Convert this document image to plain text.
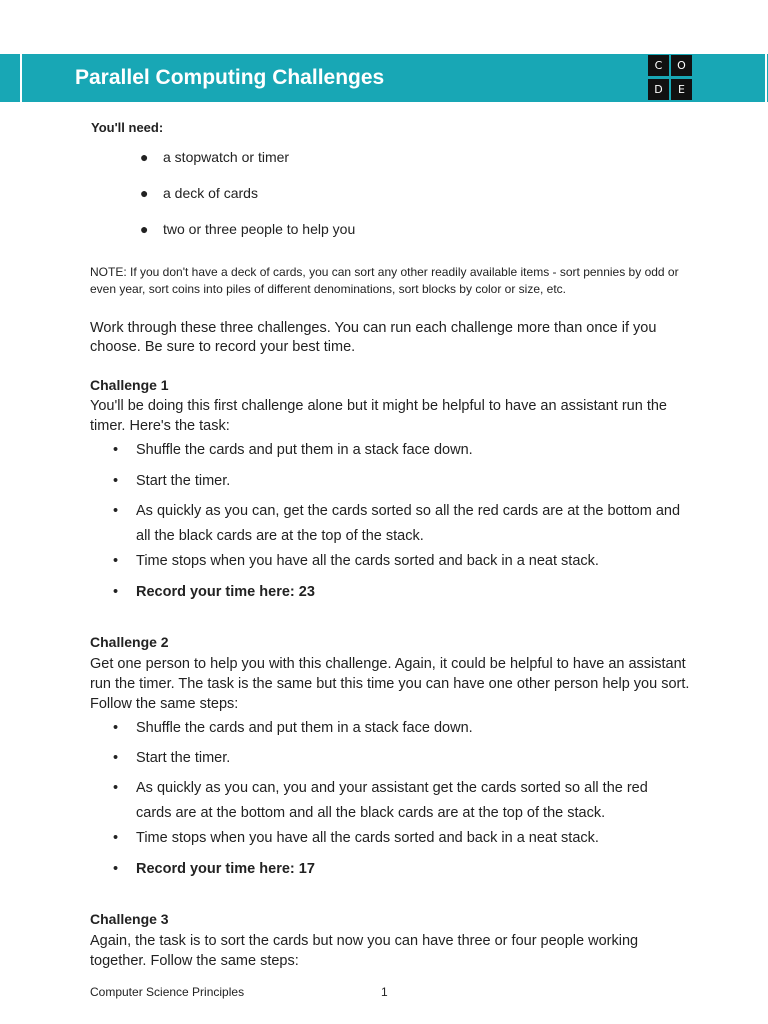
Parallel Computing Challenges
C	O
D	E
You'll need:
● a stopwatch or timer
● a deck of cards
● two or three people to help you
NOTE: If you don't have a deck of cards, you can sort any other readily available items - sort pennies by odd or even year, sort coins into piles of different denominations, sort blocks by color or size, etc.
Work through these three challenges. You can run each challenge more than once if you choose. Be sure to record your best time.
Challenge 1
You'll be doing this first challenge alone but it might be helpful to have an assistant run the timer. Here's the task:
• Shuffle the cards and put them in a stack face down.
• Start the timer.
• As quickly as you can, get the cards sorted so all the red cards are at the bottom and all the black cards are at the top of the stack.
• Time stops when you have all the cards sorted and back in a neat stack.
• Record your time here: 23
Challenge 2
Get one person to help you with this challenge. Again, it could be helpful to have an assistant run the timer. The task is the same but this time you can have one other person help you sort. Follow the same steps:
• Shuffle the cards and put them in a stack face down.
• Start the timer.
• As quickly as you can, you and your assistant get the cards sorted so all the red cards are at the bottom and all the black cards are at the top of the stack.
• Time stops when you have all the cards sorted and back in a neat stack.
• Record your time here: 17
Challenge 3
Again, the task is to sort the cards but now you can have three or four people working together. Follow the same steps:
Computer Science Principles	1
